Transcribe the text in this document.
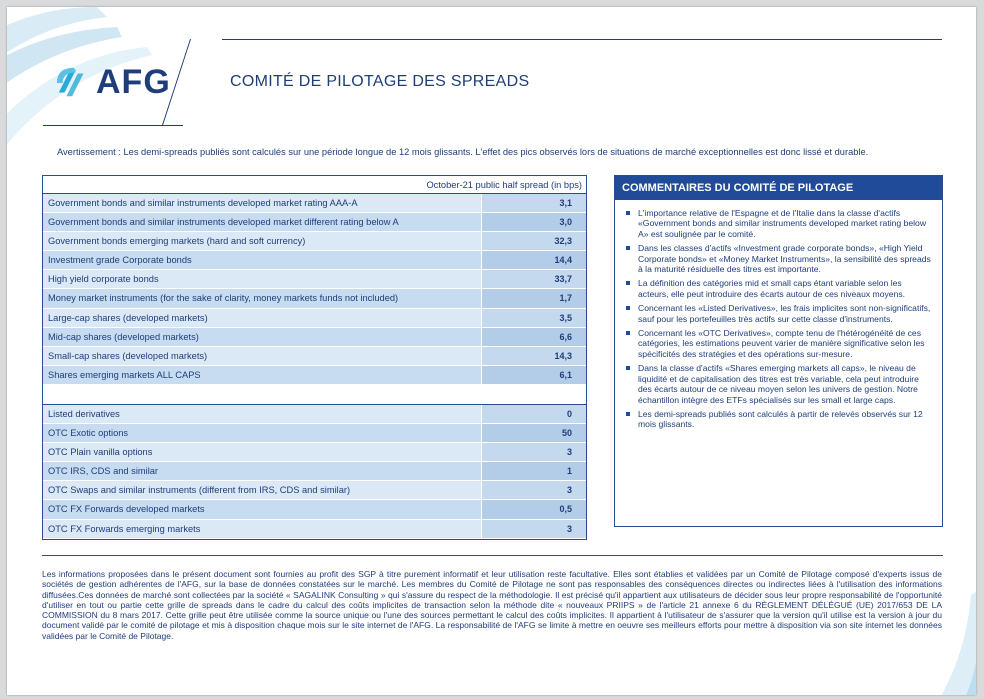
AFG	COMITÉ DE PILOTAGE DES SPREADS
Avertissement : Les demi-spreads publiés sont calculés sur une période longue de 12 mois glissants. L'effet des pics observés lors de situations de marché exceptionnelles est donc lissé et durable.
October-21 public half spread (in bps)
Government bonds and similar instruments developed market rating AAA-A	3,1
Government bonds and similar instruments developed market different rating below A	3,0
Government bonds emerging markets (hard and soft currency)	32,3
Investment grade Corporate bonds	14,4
High yield corporate bonds	33,7
Money market instruments (for the sake of clarity, money markets funds not included)	1,7
Large-cap shares (developed markets)	3,5
Mid-cap shares (developed markets)	6,6
Small-cap shares (developed markets)	14,3
Shares emerging markets ALL CAPS	6,1
Listed derivatives	0
OTC Exotic options	50
OTC Plain vanilla options	3
OTC IRS, CDS and similar	1
OTC Swaps and similar instruments (different from IRS, CDS and similar)	3
OTC FX Forwards developed markets	0,5
OTC FX Forwards emerging markets	3
COMMENTAIRES DU COMITÉ DE PILOTAGE
L'importance relative de l'Espagne et de l'Italie dans la classe d'actifs «Government bonds and similar instruments developed market rating below A» est soulignée par le comité.
Dans les classes d'actifs «Investment grade corporate bonds», «High Yield Corporate bonds» et «Money Market Instruments», la sensibilité des spreads à la maturité résiduelle des titres est importante.
La définition des catégories mid et small caps étant variable selon les acteurs, elle peut introduire des écarts autour de ces niveaux moyens.
Concernant les «Listed Derivatives», les frais implicites sont non-significatifs, sauf pour les portefeuilles très actifs sur cette classe d'instruments.
Concernant les «OTC Derivatives», compte tenu de l'hétérogénéité de ces catégories, les estimations peuvent varier de manière significative selon les spécificités des stratégies et des opérations sur-mesure.
Dans la classe d'actifs «Shares emerging markets all caps», le niveau de liquidité et de capitalisation des titres est très variable, cela peut introduire des écarts autour de ce niveau moyen selon les univers de gestion. Notre échantillon intègre des ETFs spécialisés sur les small et large caps.
Les demi-spreads publiés sont calculés à partir de relevés observés sur 12 mois glissants.
Les informations proposées dans le présent document sont fournies au profit des SGP à titre purement informatif et leur utilisation reste facultative. Elles sont établies et validées par un Comité de Pilotage composé d'experts issus de sociétés de gestion adhérentes de l'AFG, sur la base de données constatées sur le marché. Les membres du Comité de Pilotage ne sont pas responsables des conséquences directes ou indirectes liées à l'utilisation des informations diffusées.Ces données de marché sont collectées par la société « SAGALINK Consulting » qui s'assure du respect de la méthodologie. Il est précisé qu'il appartient aux utilisateurs de décider sous leur propre responsabilité de l'opportunité d'utiliser en tout ou partie cette grille de spreads dans le cadre du calcul des coûts implicites de transaction selon la méthode dite « nouveaux PRIIPS » de l'article 21 annexe 6 du RÈGLEMENT DÉLÉGUÉ (UE) 2017/653 DE LA COMMISSION du 8 mars 2017. Cette grille peut être utilisée comme la source unique ou l'une des sources permettant le calcul des coûts implicites. Il appartient à l'utilisateur de s'assurer que la version qu'il utilise est la version à jour du document validé par le comité de pilotage et mis à disposition chaque mois sur le site internet de l'AFG. La responsabilité de l'AFG se limite à mettre en oeuvre ses meilleurs efforts pour mettre à disposition via son site internet les données validées par le Comité de Pilotage.
